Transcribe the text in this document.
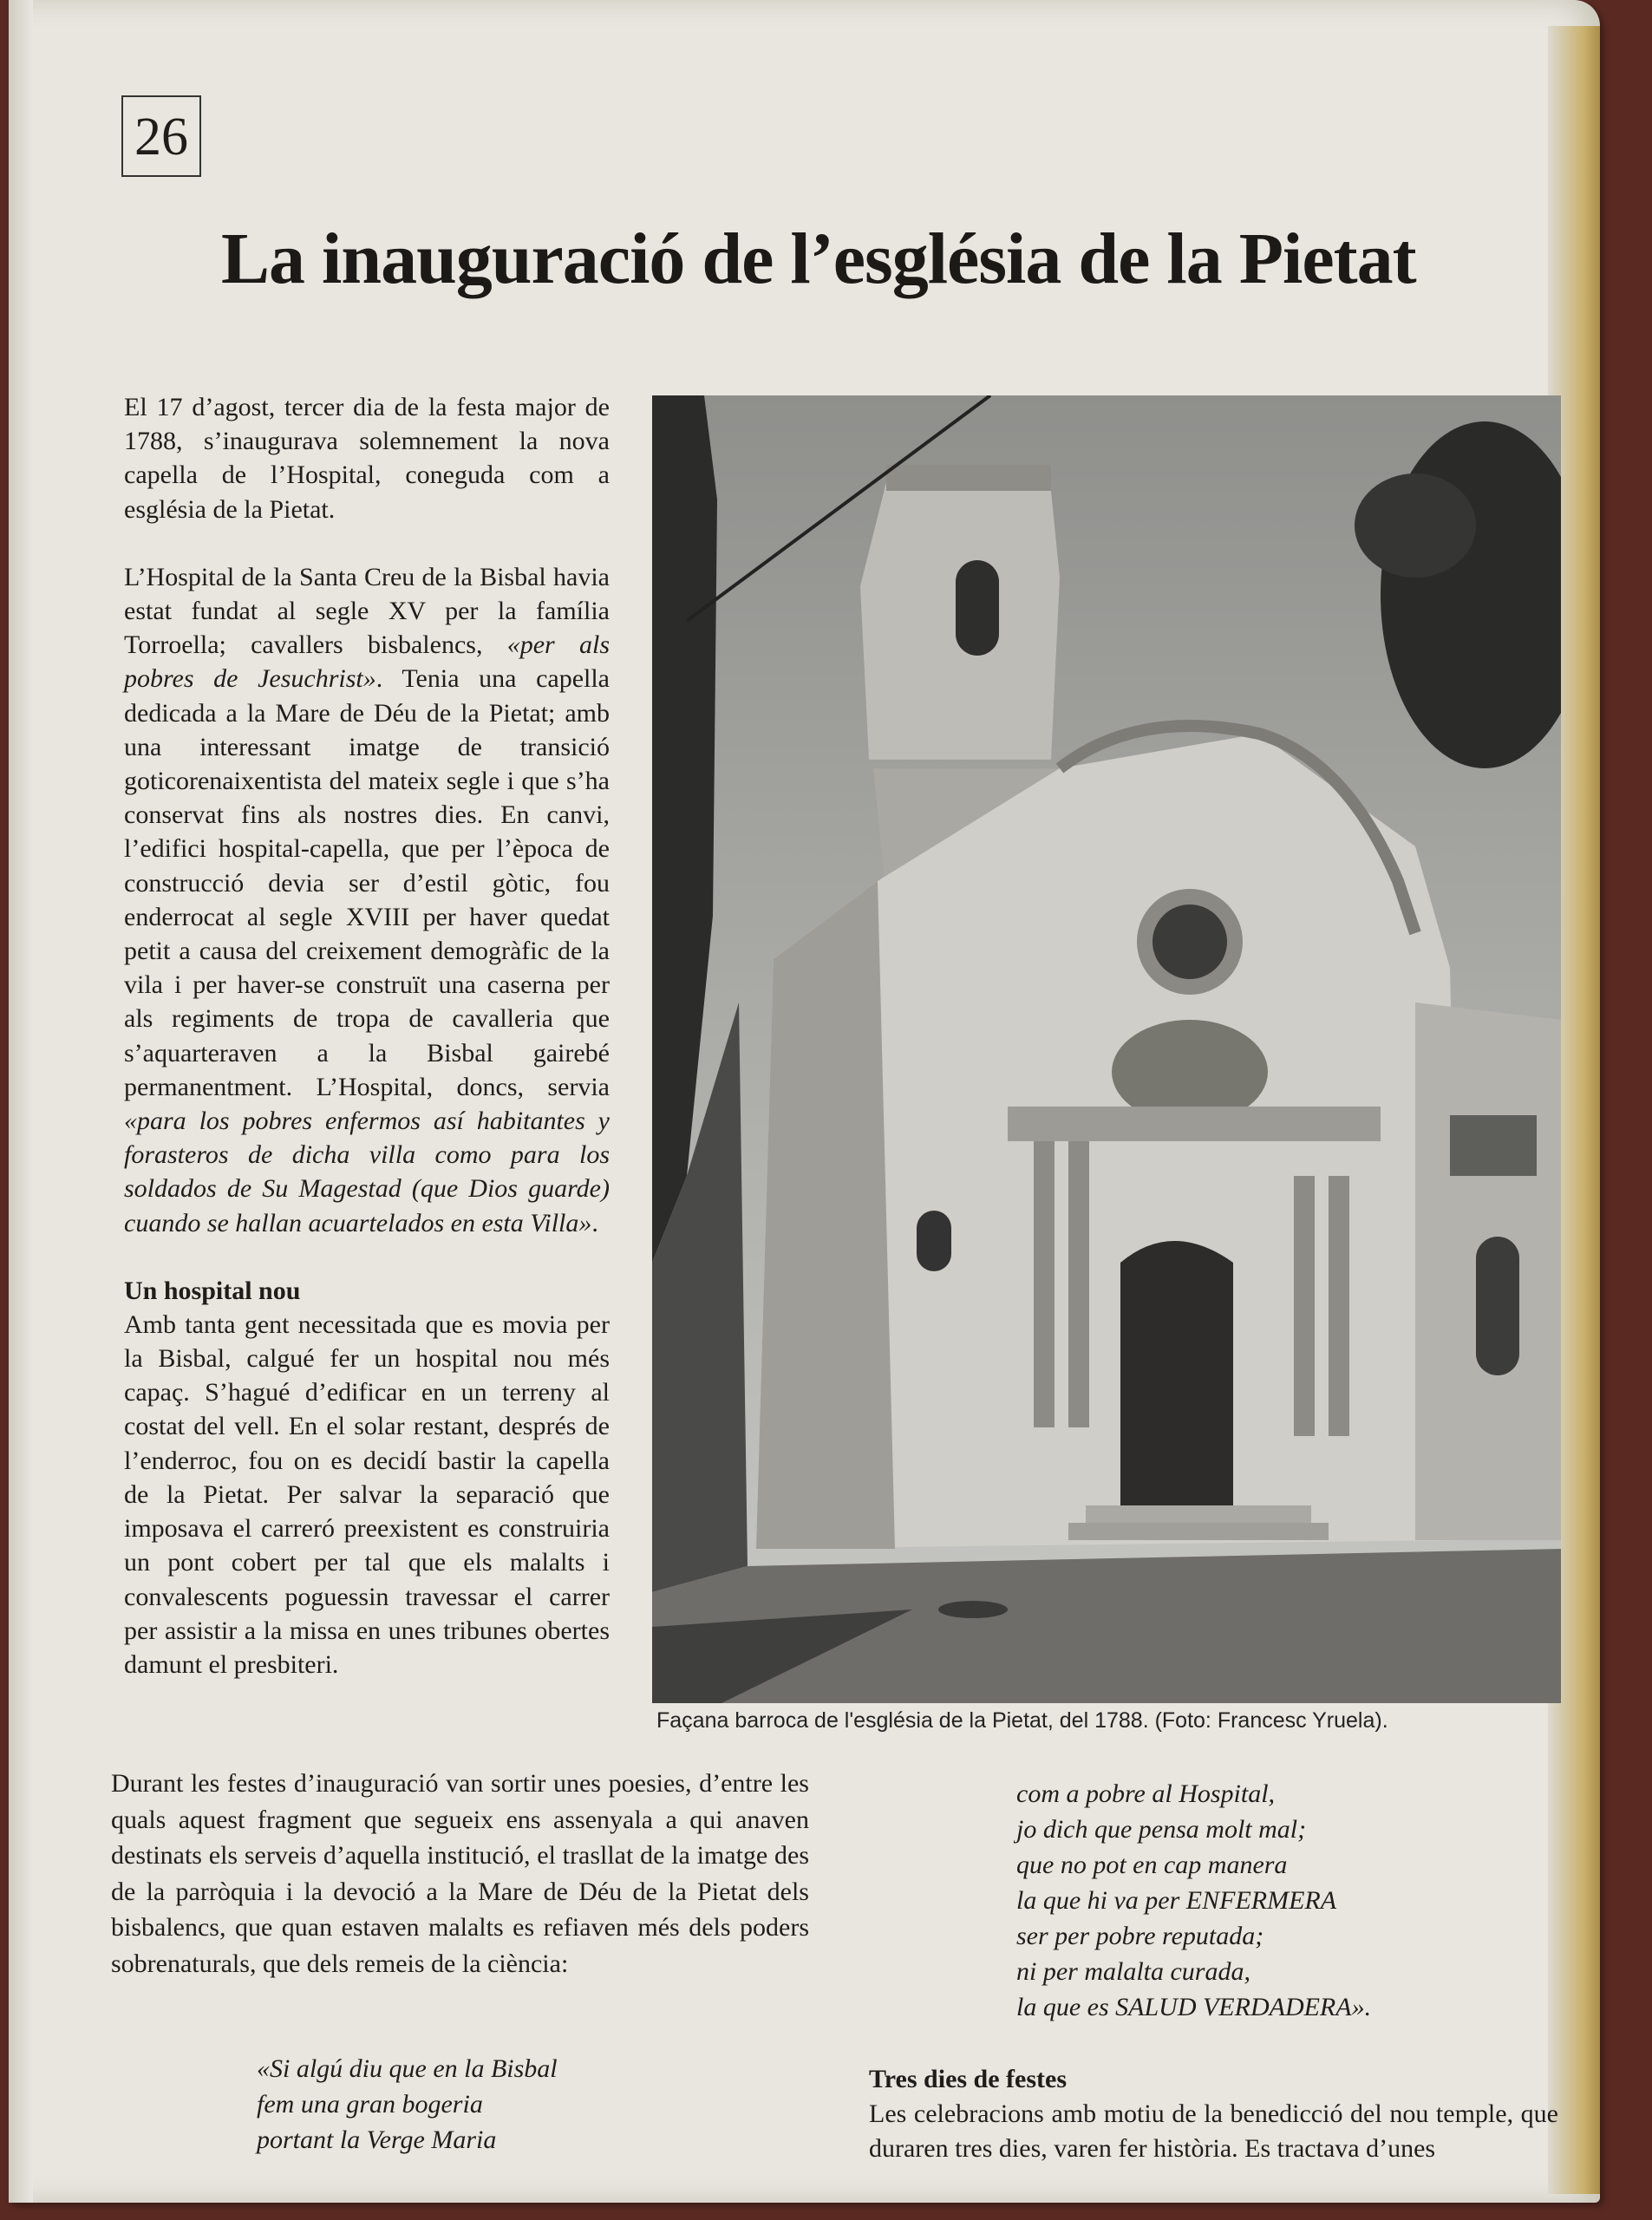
26
La inauguració de l’església de la Pietat

El 17 d’agost, tercer dia de la festa major de 1788, s’inaugurava solemnement la nova capella de l’Hospital, coneguda com a església de la Pietat.

L’Hospital de la Santa Creu de la Bisbal havia estat fundat al segle XV per la família Torroella; cavallers bisbalencs, «per als pobres de Jesuchrist». Tenia una capella dedicada a la Mare de Déu de la Pietat; amb una interessant imatge de transició goticorenaixentista del mateix segle i que s’ha conservat fins als nostres dies. En canvi, l’edifici hospital-capella, que per l’època de construcció devia ser d’estil gòtic, fou enderrocat al segle XVIII per haver quedat petit a causa del creixement demogràfic de la vila i per haver-se construït una caserna per als regiments de tropa de cavalleria que s’aquarteraven a la Bisbal gairebé permanentment. L’Hospital, doncs, servia «para los pobres enfermos así habitantes y forasteros de dicha villa como para los soldados de Su Magestad (que Dios guarde) cuando se hallan acuartelados en esta Villa».

Un hospital nou

Amb tanta gent necessitada que es movia per la Bisbal, calgué fer un hospital nou més capaç. S’hagué d’edificar en un terreny al costat del vell. En el solar restant, després de l’enderroc, fou on es decidí bastir la capella de la Pietat. Per salvar la separació que imposava el carreró preexistent es construiria un pont cobert per tal que els malalts i convalescents poguessin travessar el carrer per assistir a la missa en unes tribunes obertes damunt el presbiteri.

Façana barroca de l'església de la Pietat, del 1788. (Foto: Francesc Yruela).

Durant les festes d’inauguració van sortir unes poesies, d’entre les quals aquest fragment que segueix ens assenyala a qui anaven destinats els serveis d’aquella institució, el trasllat de la imatge des de la parròquia i la devoció a la Mare de Déu de la Pietat dels bisbalencs, que quan estaven malalts es refiaven més dels poders sobrenaturals, que dels remeis de la ciència:

«Si algú diu que en la Bisbal
fem una gran bogeria
portant la Verge Maria
com a pobre al Hospital,
jo dich que pensa molt mal;
que no pot en cap manera
la que hi va per ENFERMERA
ser per pobre reputada;
ni per malalta curada,
la que es SALUD VERDADERA».
Tres dies de festes

Les celebracions amb motiu de la benedicció del nou temple, que duraren tres dies, varen fer història. Es tractava d’unes
